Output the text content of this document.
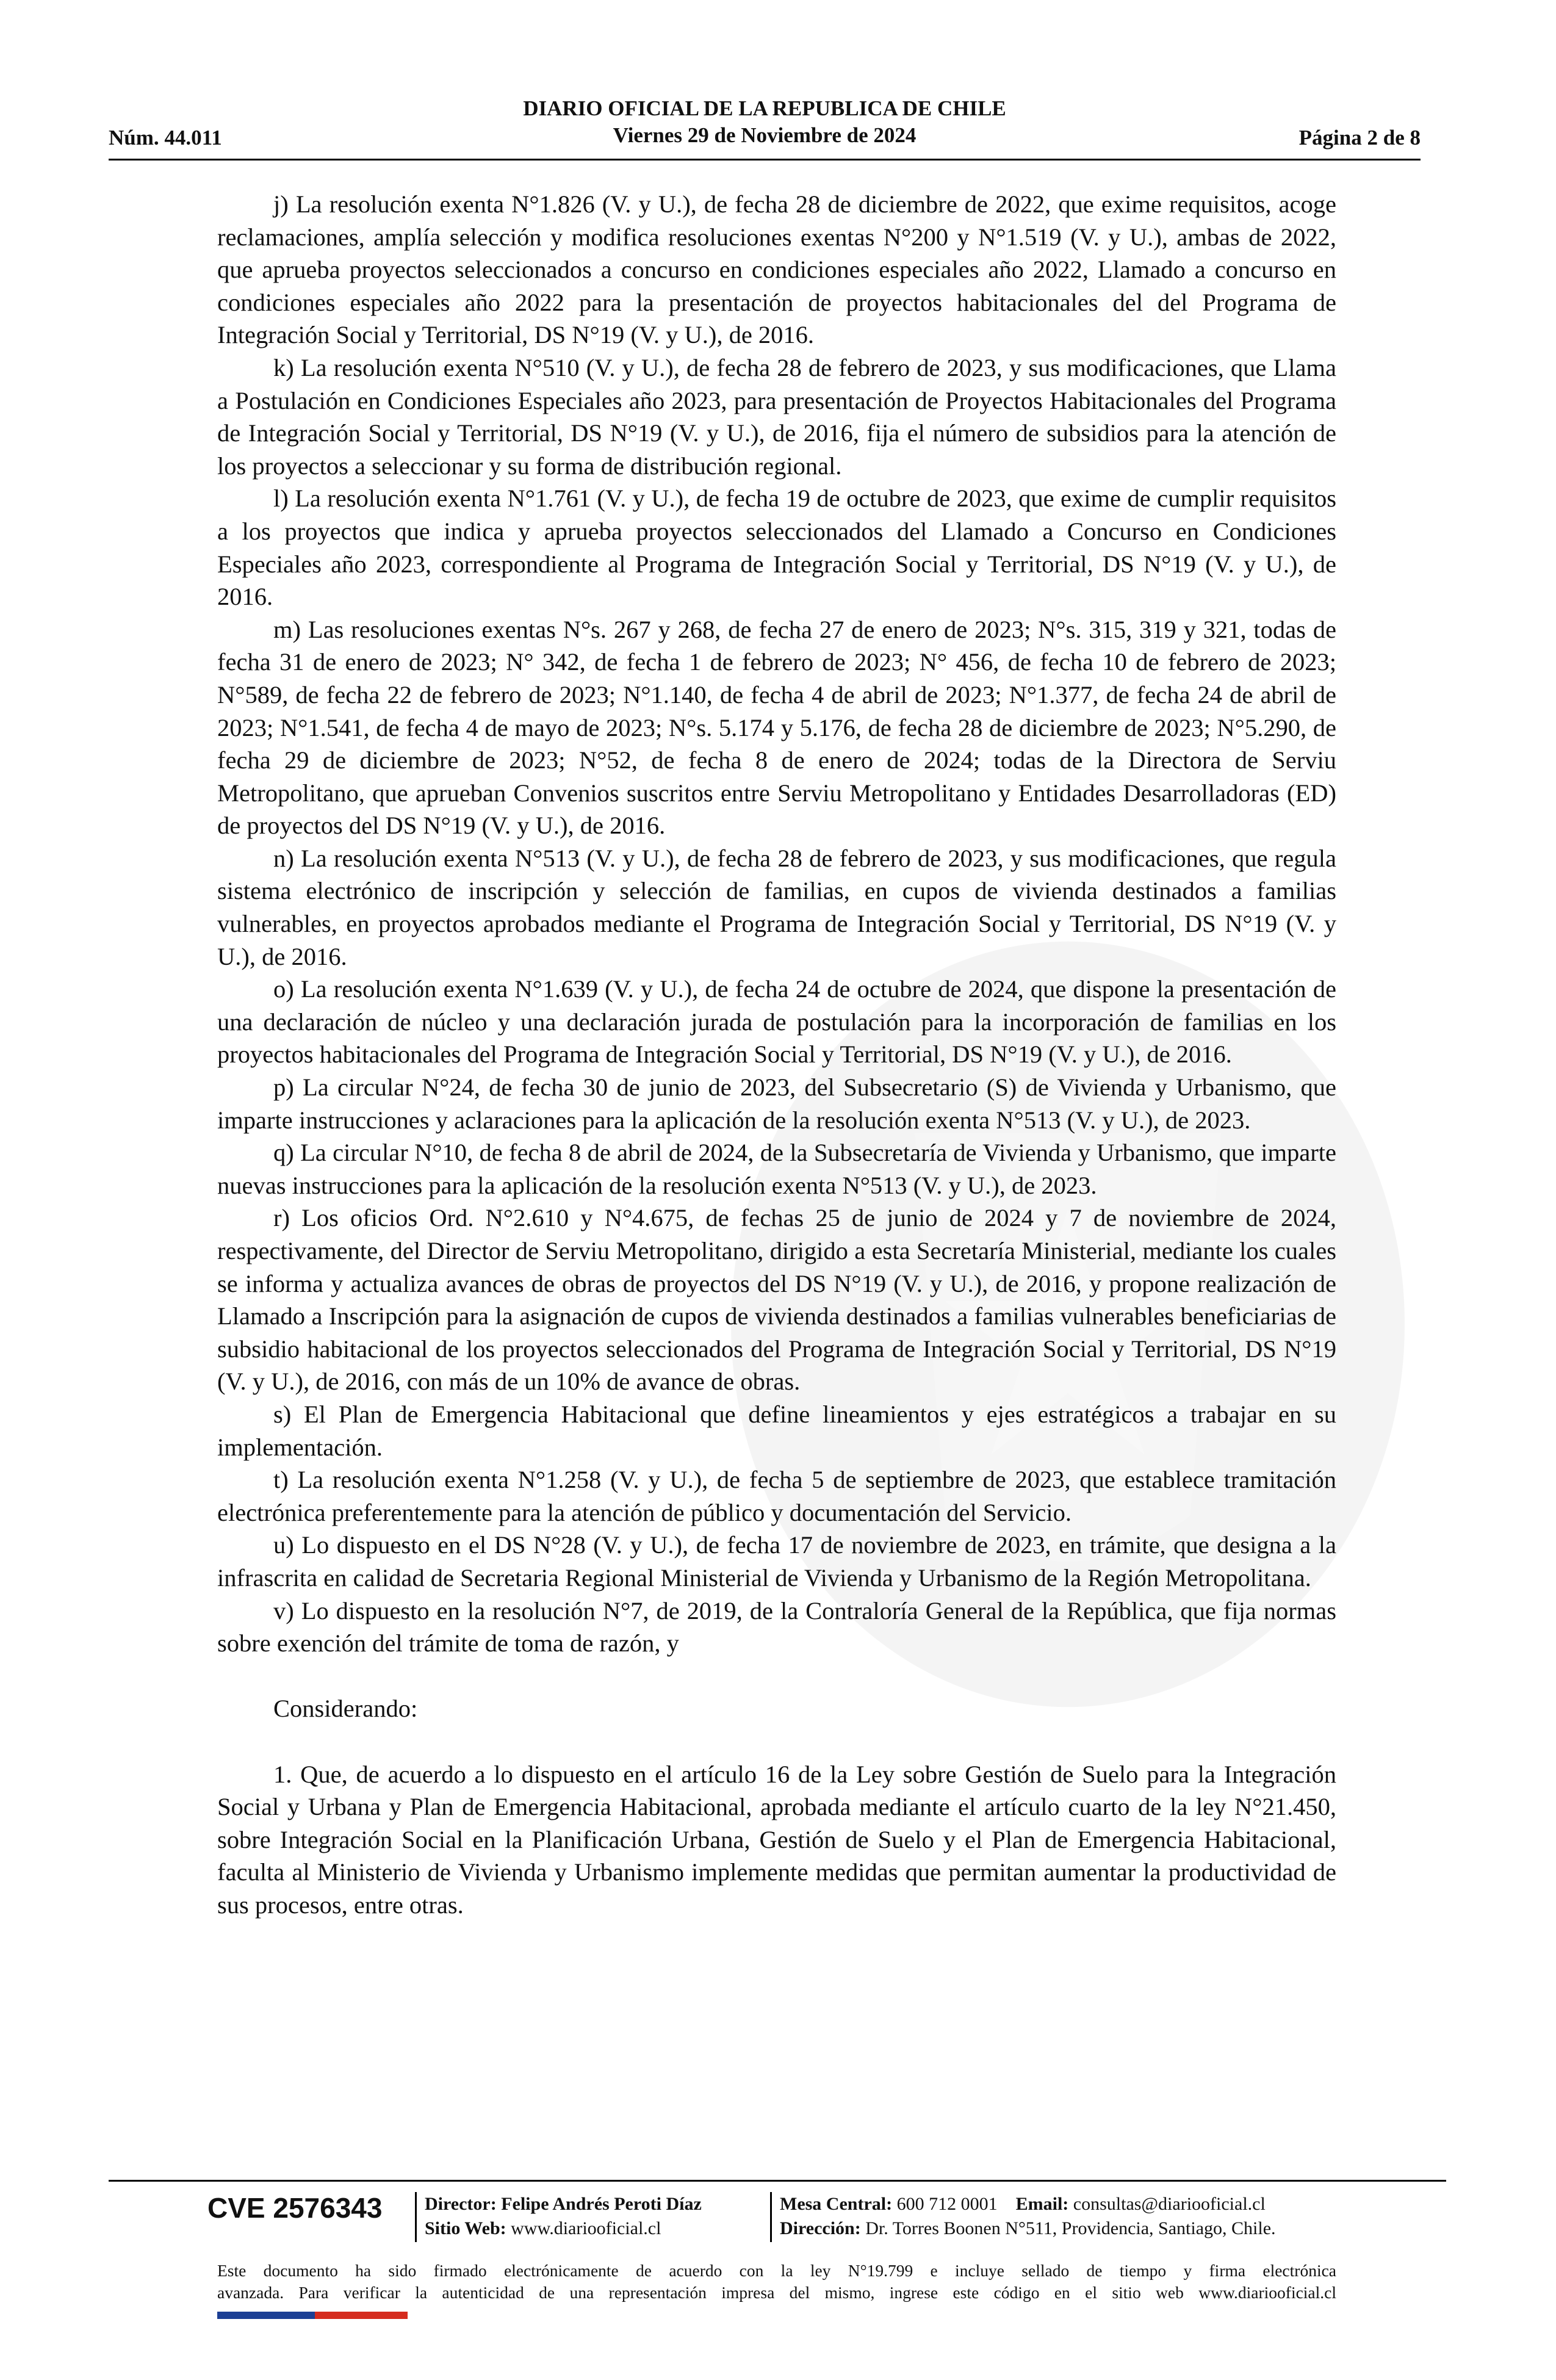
Núm. 44.011
DIARIO OFICIAL DE LA REPUBLICA DE CHILE
Viernes 29 de Noviembre de 2024	Página 2 de 8

j) La resolución exenta N°1.826 (V. y U.), de fecha 28 de diciembre de 2022, que exime requisitos, acoge reclamaciones, amplía selección y modifica resoluciones exentas N°200 y N°1.519 (V. y U.), ambas de 2022, que aprueba proyectos seleccionados a concurso en condiciones especiales año 2022, Llamado a concurso en condiciones especiales año 2022 para la presentación de proyectos habitacionales del del Programa de Integración Social y Territorial, DS N°19 (V. y U.), de 2016.

k) La resolución exenta N°510 (V. y U.), de fecha 28 de febrero de 2023, y sus modificaciones, que Llama a Postulación en Condiciones Especiales año 2023, para presentación de Proyectos Habitacionales del Programa de Integración Social y Territorial, DS N°19 (V. y U.), de 2016, fija el número de subsidios para la atención de los proyectos a seleccionar y su forma de distribución regional.

l) La resolución exenta N°1.761 (V. y U.), de fecha 19 de octubre de 2023, que exime de cumplir requisitos a los proyectos que indica y aprueba proyectos seleccionados del Llamado a Concurso en Condiciones Especiales año 2023, correspondiente al Programa de Integración Social y Territorial, DS N°19 (V. y U.), de 2016.

m) Las resoluciones exentas N°s. 267 y 268, de fecha 27 de enero de 2023; N°s. 315, 319 y 321, todas de fecha 31 de enero de 2023; N° 342, de fecha 1 de febrero de 2023; N° 456, de fecha 10 de febrero de 2023; N°589, de fecha 22 de febrero de 2023; N°1.140, de fecha 4 de abril de 2023; N°1.377, de fecha 24 de abril de 2023; N°1.541, de fecha 4 de mayo de 2023; N°s. 5.174 y 5.176, de fecha 28 de diciembre de 2023; N°5.290, de fecha 29 de diciembre de 2023; N°52, de fecha 8 de enero de 2024; todas de la Directora de Serviu Metropolitano, que aprueban Convenios suscritos entre Serviu Metropolitano y Entidades Desarrolladoras (ED) de proyectos del DS N°19 (V. y U.), de 2016.

n) La resolución exenta N°513 (V. y U.), de fecha 28 de febrero de 2023, y sus modificaciones, que regula sistema electrónico de inscripción y selección de familias, en cupos de vivienda destinados a familias vulnerables, en proyectos aprobados mediante el Programa de Integración Social y Territorial, DS N°19 (V. y U.), de 2016.

o) La resolución exenta N°1.639 (V. y U.), de fecha 24 de octubre de 2024, que dispone la presentación de una declaración de núcleo y una declaración jurada de postulación para la incorporación de familias en los proyectos habitacionales del Programa de Integración Social y Territorial, DS N°19 (V. y U.), de 2016.

p) La circular N°24, de fecha 30 de junio de 2023, del Subsecretario (S) de Vivienda y Urbanismo, que imparte instrucciones y aclaraciones para la aplicación de la resolución exenta N°513 (V. y U.), de 2023.

q) La circular N°10, de fecha 8 de abril de 2024, de la Subsecretaría de Vivienda y Urbanismo, que imparte nuevas instrucciones para la aplicación de la resolución exenta N°513 (V. y U.), de 2023.

r) Los oficios Ord. N°2.610 y N°4.675, de fechas 25 de junio de 2024 y 7 de noviembre de 2024, respectivamente, del Director de Serviu Metropolitano, dirigido a esta Secretaría Ministerial, mediante los cuales se informa y actualiza avances de obras de proyectos del DS N°19 (V. y U.), de 2016, y propone realización de Llamado a Inscripción para la asignación de cupos de vivienda destinados a familias vulnerables beneficiarias de subsidio habitacional de los proyectos seleccionados del Programa de Integración Social y Territorial, DS N°19 (V. y U.), de 2016, con más de un 10% de avance de obras.

s) El Plan de Emergencia Habitacional que define lineamientos y ejes estratégicos a trabajar en su implementación.

t) La resolución exenta N°1.258 (V. y U.), de fecha 5 de septiembre de 2023, que establece tramitación electrónica preferentemente para la atención de público y documentación del Servicio.

u) Lo dispuesto en el DS N°28 (V. y U.), de fecha 17 de noviembre de 2023, en trámite, que designa a la infrascrita en calidad de Secretaria Regional Ministerial de Vivienda y Urbanismo de la Región Metropolitana.

v) Lo dispuesto en la resolución N°7, de 2019, de la Contraloría General de la República, que fija normas sobre exención del trámite de toma de razón, y

Considerando:

1. Que, de acuerdo a lo dispuesto en el artículo 16 de la Ley sobre Gestión de Suelo para la Integración Social y Urbana y Plan de Emergencia Habitacional, aprobada mediante el artículo cuarto de la ley N°21.450, sobre Integración Social en la Planificación Urbana, Gestión de Suelo y el Plan de Emergencia Habitacional, faculta al Ministerio de Vivienda y Urbanismo implemente medidas que permitan aumentar la productividad de sus procesos, entre otras.

CVE 2576343 Director: Felipe Andrés Peroti Díaz
Sitio Web: www.diariooficial.cl
Mesa Central: 600 712 0001 Email: consultas@diariooficial.cl
Dirección: Dr. Torres Boonen N°511, Providencia, Santiago, Chile.
Este documento ha sido firmado electrónicamente de acuerdo con la ley N°19.799 e incluye sellado de tiempo y firma electrónica
avanzada. Para verificar la autenticidad de una representación impresa del mismo, ingrese este código en el sitio web www.diariooficial.cl
